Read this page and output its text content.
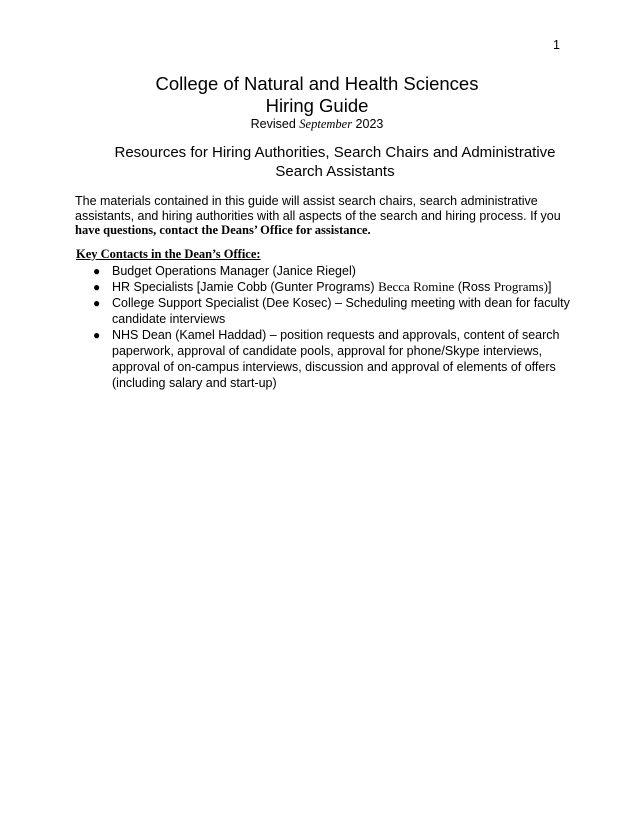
1
College of Natural and Health Sciences
Hiring Guide
Revised September 2023
Resources for Hiring Authorities, Search Chairs and Administrative Search Assistants
The materials contained in this guide will assist search chairs, search administrative assistants, and hiring authorities with all aspects of the search and hiring process. If you have questions, contact the Deans’ Office for assistance.
Key Contacts in the Dean’s Office:
● Budget Operations Manager (Janice Riegel)
● HR Specialists [Jamie Cobb (Gunter Programs) Becca Romine (Ross Programs)]
● College Support Specialist (Dee Kosec) – Scheduling meeting with dean for faculty candidate interviews
● NHS Dean (Kamel Haddad) – position requests and approvals, content of search paperwork, approval of candidate pools, approval for phone/Skype interviews, approval of on-campus interviews, discussion and approval of elements of offers (including salary and start-up)
